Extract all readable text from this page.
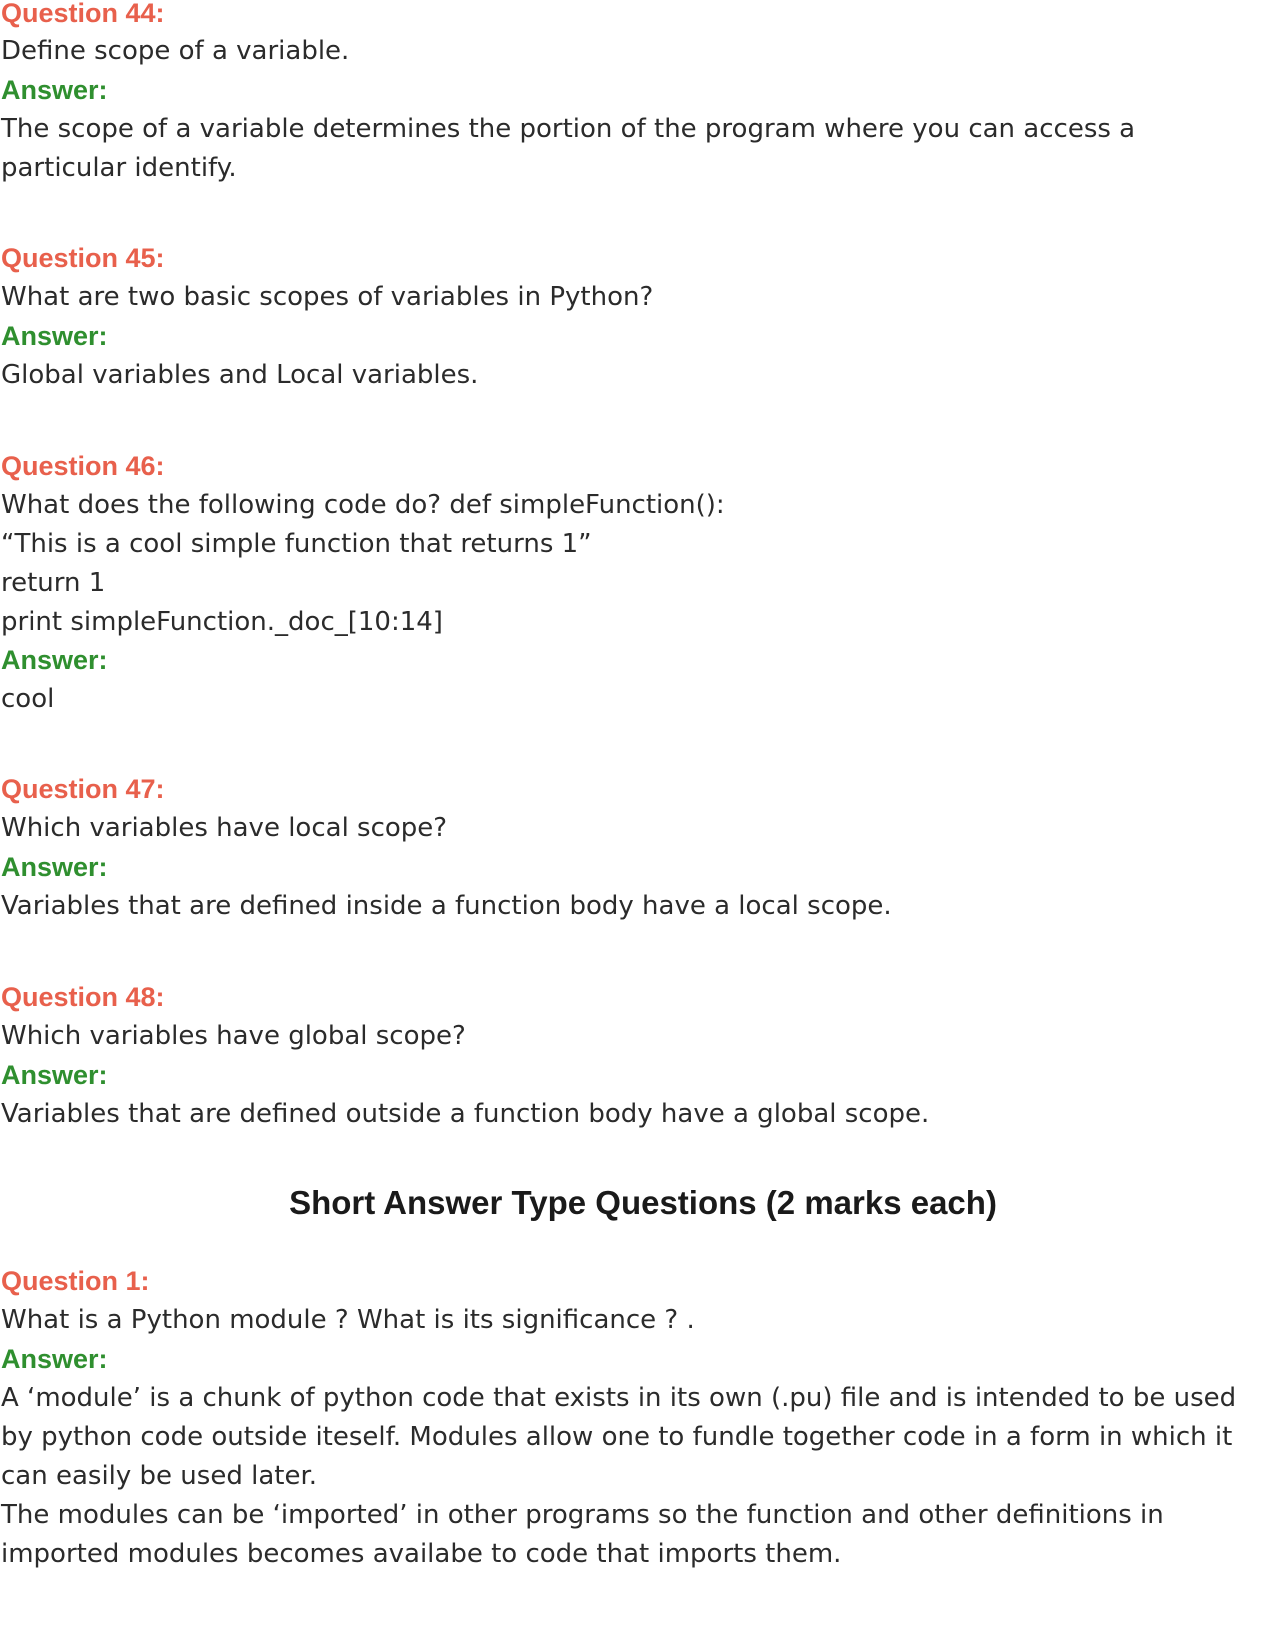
Question 44:
Define scope of a variable.
Answer:
The scope of a variable determines the portion of the program where you can access a
particular identify.
Question 45:
What are two basic scopes of variables in Python?
Answer:
Global variables and Local variables.
Question 46:
What does the following code do? def simpleFunction():
“This is a cool simple function that returns 1”
return 1
print simpleFunction._doc_[10:14]
Answer:
cool
Question 47:
Which variables have local scope?
Answer:
Variables that are defined inside a function body have a local scope.
Question 48:
Which variables have global scope?
Answer:
Variables that are defined outside a function body have a global scope.
Short Answer Type Questions (2 marks each)
Question 1:
What is a Python module ? What is its significance ? .
Answer:
A ‘module’ is a chunk of python code that exists in its own (.pu) file and is intended to be used
by python code outside iteself. Modules allow one to fundle together code in a form in which it
can easily be used later.
The modules can be ‘imported’ in other programs so the function and other definitions in
imported modules becomes availabe to code that imports them.
